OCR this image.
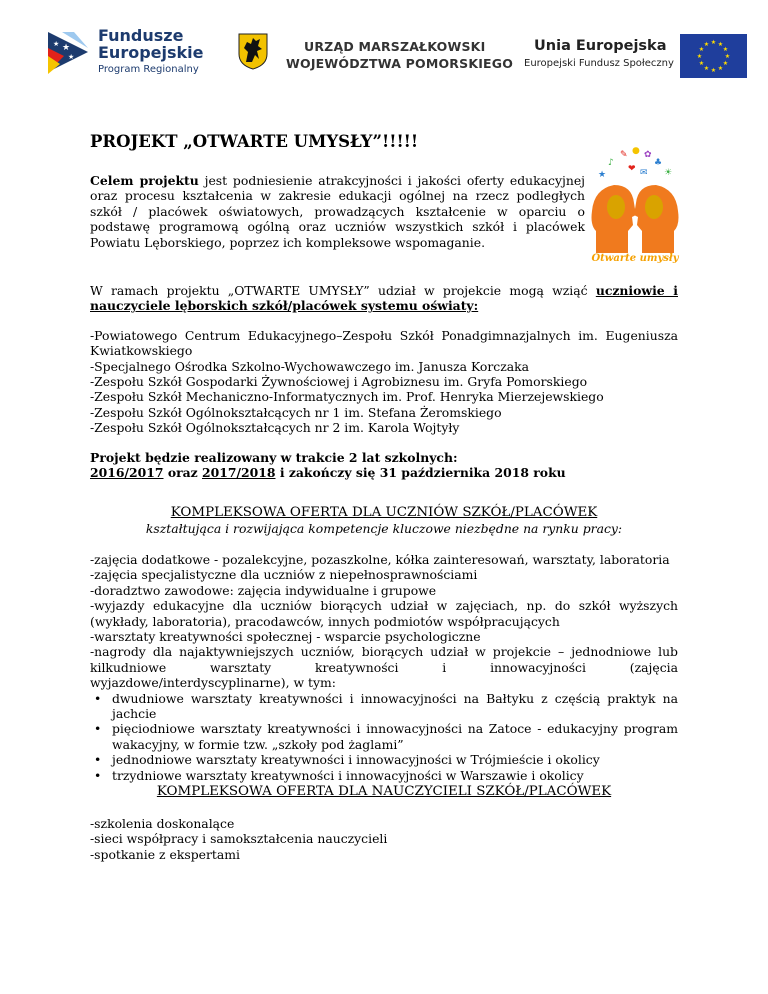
★
★
★
Fundusze
Europejskie
Program Regionalny
URZĄD MARSZAŁKOWSKI
WOJEWÓDZTWA POMORSKIEGO
Unia Europejska
Europejski Fundusz Społeczny
★ ★
★
★
★
★
★
★
★
★
★
★

PROJEKT „OTWARTE UMYSŁY”!!!!!

Celem projektu jest podniesienie atrakcyjności i jakości oferty edukacyjnej oraz procesu kształcenia w zakresie edukacji ogólnej na rzecz podległych szkół / placówek oświatowych, prowadzących kształcenie w oparciu o podstawę programową ogólną oraz uczniów wszystkich szkół i placówek Powiatu Lęborskiego, poprzez ich kompleksowe wspomaganie.

★
♪
✎ ● ✿
♣
☀
❤ ✉
Otwarte umysły

W ramach projektu „OTWARTE UMYSŁY” udział w projekcie mogą wziąć uczniowie i nauczyciele lęborskich szkół/placówek systemu oświaty:

-Powiatowego Centrum Edukacyjnego–Zespołu Szkół Ponadgimnazjalnych im. Eugeniusza Kwiatkowskiego
-Specjalnego Ośrodka Szkolno-Wychowawczego im. Janusza Korczaka
-Zespołu Szkół Gospodarki Żywnościowej i Agrobiznesu im. Gryfa Pomorskiego
-Zespołu Szkół Mechaniczno-Informatycznych im. Prof. Henryka Mierzejewskiego
-Zespołu Szkół Ogólnokształcących nr 1 im. Stefana Żeromskiego
-Zespołu Szkół Ogólnokształcących nr 2 im. Karola Wojtyły
Projekt będzie realizowany w trakcie 2 lat szkolnych:
2016/2017 oraz 2017/2018 i zakończy się 31 października 2018 roku
KOMPLEKSOWA OFERTA DLA UCZNIÓW SZKÓŁ/PLACÓWEK
kształtująca i rozwijająca kompetencje kluczowe niezbędne na rynku pracy:
-zajęcia dodatkowe - pozalekcyjne, pozaszkolne, kółka zainteresowań, warsztaty, laboratoria
-zajęcia specjalistyczne dla uczniów z niepełnosprawnościami
-doradztwo zawodowe: zajęcia indywidualne i grupowe
-wyjazdy edukacyjne dla uczniów biorących udział w zajęciach, np. do szkół wyższych (wykłady, laboratoria), pracodawców, innych podmiotów współpracujących
-warsztaty kreatywności społecznej - wsparcie psychologiczne
-nagrody dla najaktywniejszych uczniów, biorących udział w projekcie – jednodniowe lub kilkudniowe warsztaty kreatywności i innowacyjności (zajęcia wyjazdowe/interdyscyplinarne), w tym:
• dwudniowe warsztaty kreatywności i innowacyjności na Bałtyku z częścią praktyk na jachcie
• pięciodniowe warsztaty kreatywności i innowacyjności na Zatoce - edukacyjny program wakacyjny, w formie tzw. „szkoły pod żaglami”
• jednodniowe warsztaty kreatywności i innowacyjności w Trójmieście i okolicy
• trzydniowe warsztaty kreatywności i innowacyjności w Warszawie i okolicy
KOMPLEKSOWA OFERTA DLA NAUCZYCIELI SZKÓŁ/PLACÓWEK
-szkolenia doskonalące
-sieci współpracy i samokształcenia nauczycieli
-spotkanie z ekspertami
